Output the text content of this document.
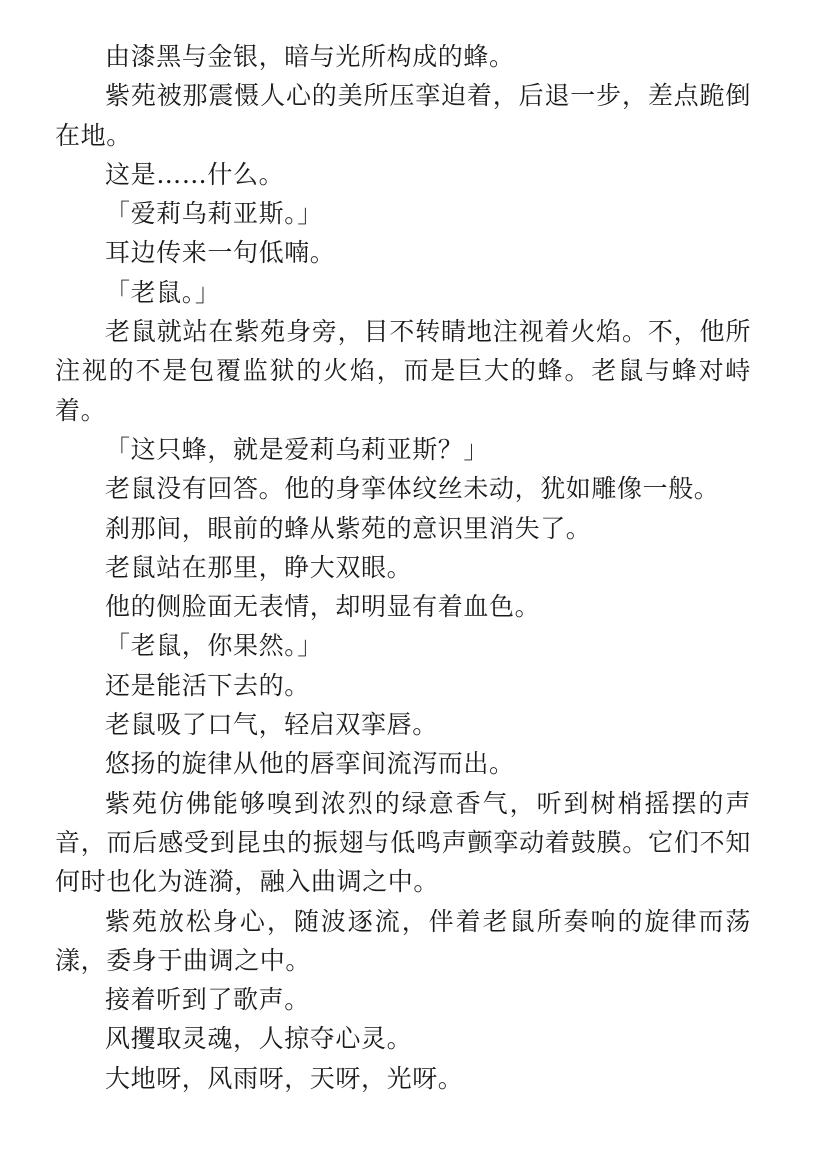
由漆黑与金银，暗与光所构成的蜂。

紫苑被那震慑人心的美所压挛迫着，后退一步，差点跪倒在地。

这是……什么。

「爱莉乌莉亚斯。」

耳边传来一句低喃。

「老鼠。」

老鼠就站在紫苑身旁，目不转睛地注视着火焰。不，他所注视的不是包覆监狱的火焰，而是巨大的蜂。老鼠与蜂对峙着。

「这只蜂，就是爱莉乌莉亚斯？」

老鼠没有回答。他的身挛体纹丝未动，犹如雕像一般。

刹那间，眼前的蜂从紫苑的意识里消失了。

老鼠站在那里，睁大双眼。

他的侧脸面无表情，却明显有着血色。

「老鼠，你果然。」

还是能活下去的。

老鼠吸了口气，轻启双挛唇。

悠扬的旋律从他的唇挛间流泻而出。

紫苑仿佛能够嗅到浓烈的绿意香气，听到树梢摇摆的声音，而后感受到昆虫的振翅与低鸣声颤挛动着鼓膜。它们不知何时也化为涟漪，融入曲调之中。

紫苑放松身心，随波逐流，伴着老鼠所奏响的旋律而荡漾，委身于曲调之中。

接着听到了歌声。

风攫取灵魂，人掠夺心灵。

大地呀，风雨呀，天呀，光呀。
